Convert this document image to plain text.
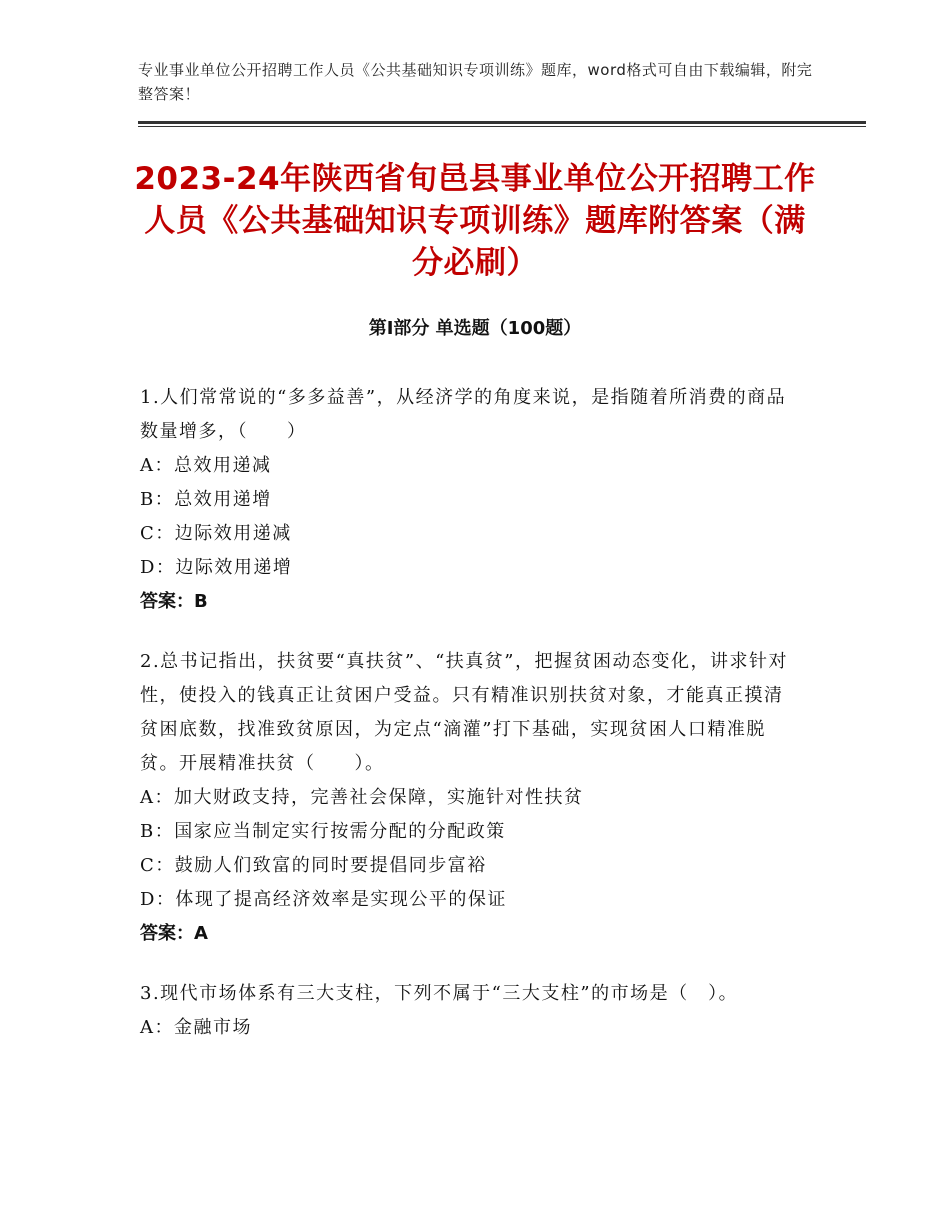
专业事业单位公开招聘工作人员《公共基础知识专项训练》题库，word格式可自由下载编辑，附完整答案！
2023-24年陕西省旬邑县事业单位公开招聘工作人员《公共基础知识专项训练》题库附答案（满分必刷）
第Ⅰ部分 单选题（100题）
1.人们常常说的“多多益善”，从经济学的角度来说，是指随着所消费的商品数量增多，（　　）
A：总效用递减
B：总效用递增
C：边际效用递减
D：边际效用递增
答案：B
2.总书记指出，扶贫要“真扶贫”、“扶真贫”，把握贫困动态变化，讲求针对性，使投入的钱真正让贫困户受益。只有精准识别扶贫对象，才能真正摸清贫困底数，找准致贫原因，为定点“滴灌”打下基础，实现贫困人口精准脱贫。开展精准扶贫（　　）。
A：加大财政支持，完善社会保障，实施针对性扶贫
B：国家应当制定实行按需分配的分配政策
C：鼓励人们致富的同时要提倡同步富裕
D：体现了提高经济效率是实现公平的保证
答案：A
3.现代市场体系有三大支柱，下列不属于“三大支柱”的市场是（　）。
A：金融市场
